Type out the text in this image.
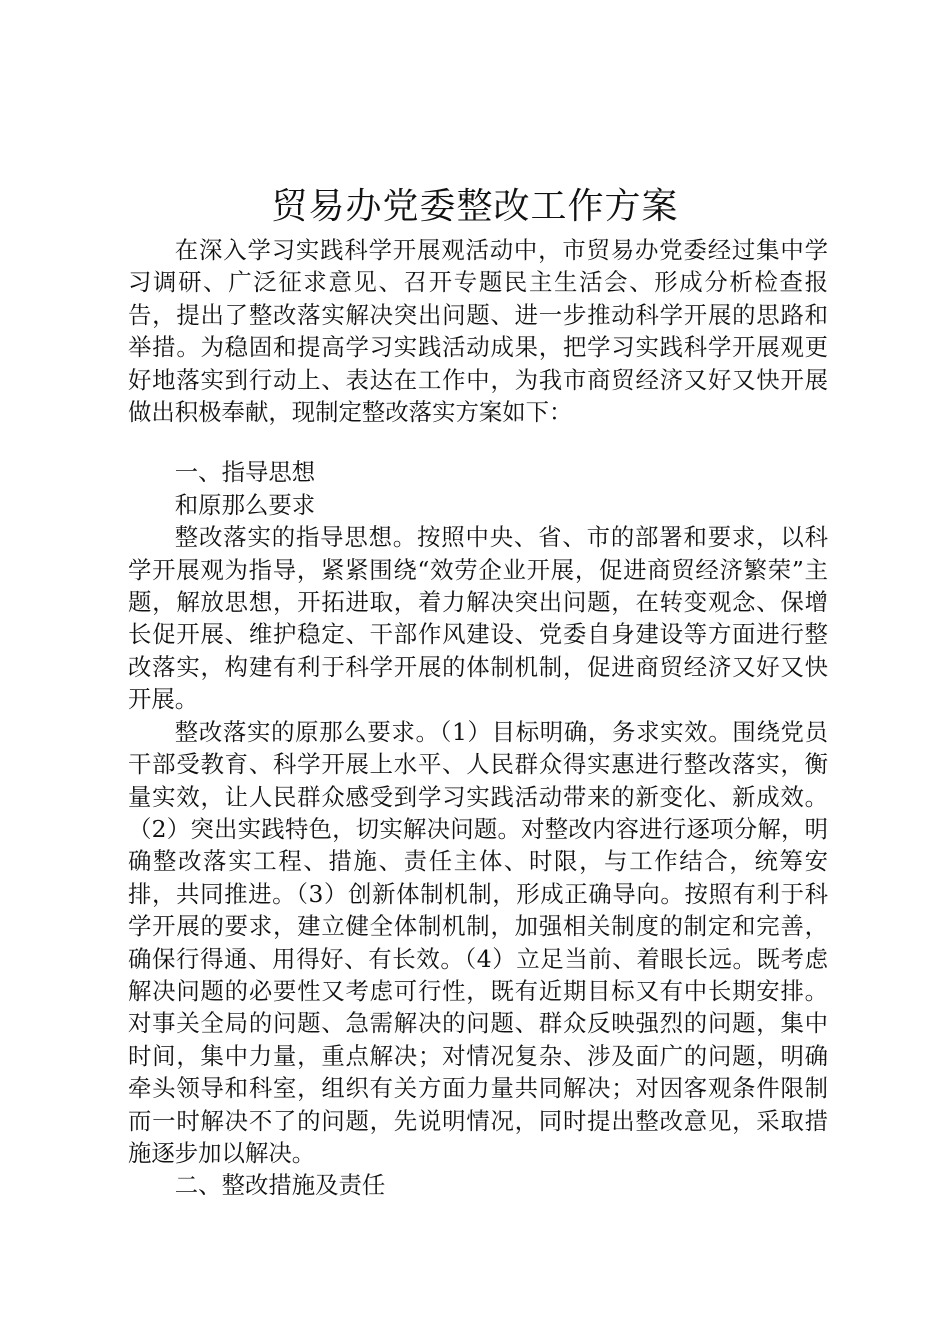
贸易办党委整改工作方案

在深入学习实践科学开展观活动中，市贸易办党委经过集中学习调研、广泛征求意见、召开专题民主生活会、形成分析检查报告，提出了整改落实解决突出问题、进一步推动科学开展的思路和举措。为稳固和提高学习实践活动成果，把学习实践科学开展观更好地落实到行动上、表达在工作中，为我市商贸经济又好又快开展做出积极奉献，现制定整改落实方案如下：

一、指导思想

和原那么要求

整改落实的指导思想。按照中央、省、市的部署和要求，以科学开展观为指导，紧紧围绕“效劳企业开展，促进商贸经济繁荣”主题，解放思想，开拓进取，着力解决突出问题，在转变观念、保增长促开展、维护稳定、干部作风建设、党委自身建设等方面进行整改落实，构建有利于科学开展的体制机制，促进商贸经济又好又快开展。

整改落实的原那么要求。（1）目标明确，务求实效。围绕党员干部受教育、科学开展上水平、人民群众得实惠进行整改落实，衡量实效，让人民群众感受到学习实践活动带来的新变化、新成效。（2）突出实践特色，切实解决问题。对整改内容进行逐项分解，明确整改落实工程、措施、责任主体、时限，与工作结合，统筹安排，共同推进。（3）创新体制机制，形成正确导向。按照有利于科学开展的要求，建立健全体制机制，加强相关制度的制定和完善，确保行得通、用得好、有长效。（4）立足当前、着眼长远。既考虑解决问题的必要性又考虑可行性，既有近期目标又有中长期安排。对事关全局的问题、急需解决的问题、群众反映强烈的问题，集中时间，集中力量，重点解决；对情况复杂、涉及面广的问题，明确牵头领导和科室，组织有关方面力量共同解决；对因客观条件限制而一时解决不了的问题，先说明情况，同时提出整改意见，采取措施逐步加以解决。

二、整改措施及责任
